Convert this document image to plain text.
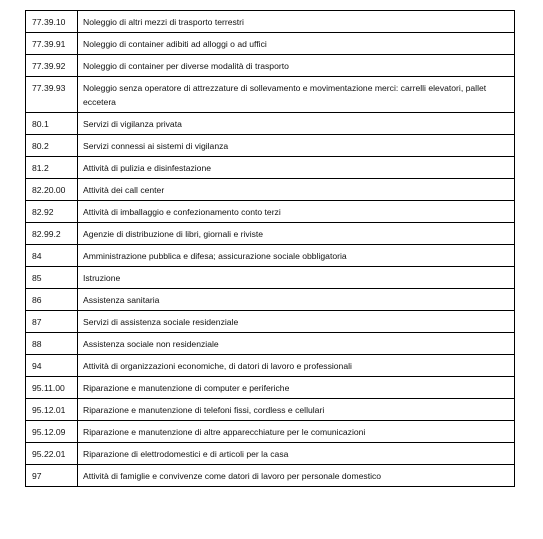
77.39.10	Noleggio di altri mezzi di trasporto terrestri
77.39.91	Noleggio di container adibiti ad alloggi o ad uffici
77.39.92	Noleggio di container per diverse modalità di trasporto
77.39.93	Noleggio senza operatore di attrezzature di sollevamento e movimentazione merci: carrelli elevatori, pallet eccetera
80.1	Servizi di vigilanza privata
80.2	Servizi connessi ai sistemi di vigilanza
81.2	Attività di pulizia e disinfestazione
82.20.00	Attività dei call center
82.92	Attività di imballaggio e confezionamento conto terzi
82.99.2	Agenzie di distribuzione di libri, giornali e riviste
84	Amministrazione pubblica e difesa; assicurazione sociale obbligatoria
85	Istruzione
86	Assistenza sanitaria
87	Servizi di assistenza sociale residenziale
88	Assistenza sociale non residenziale
94	Attività di organizzazioni economiche, di datori di lavoro e professionali
95.11.00	Riparazione e manutenzione di computer e periferiche
95.12.01	Riparazione e manutenzione di telefoni fissi, cordless e cellulari
95.12.09	Riparazione e manutenzione di altre apparecchiature per le comunicazioni
95.22.01	Riparazione di elettrodomestici e di articoli per la casa
97	Attività di famiglie e convivenze come datori di lavoro per personale domestico
